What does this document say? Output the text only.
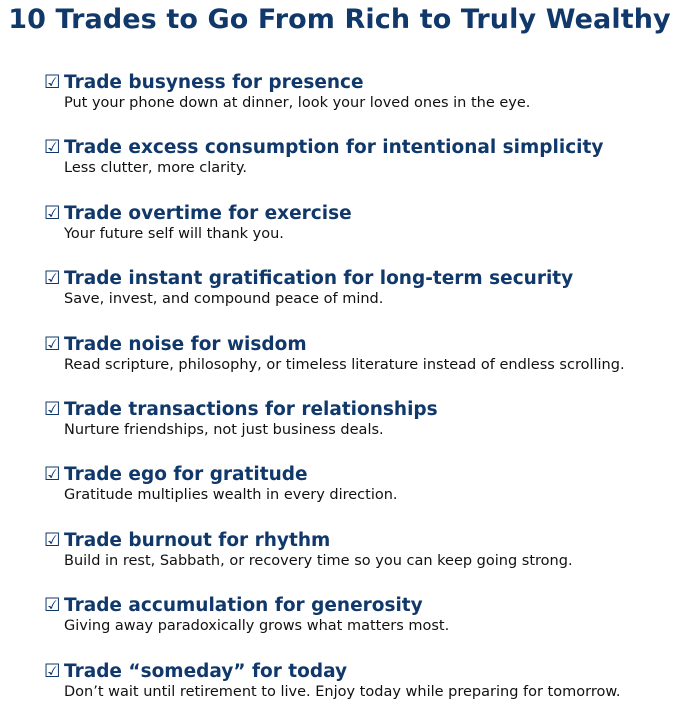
10 Trades to Go From Rich to Truly Wealthy
☑ Trade busyness for presence
Put your phone down at dinner, look your loved ones in the eye.
☑ Trade excess consumption for intentional simplicity
Less clutter, more clarity.
☑ Trade overtime for exercise
Your future self will thank you.
☑ Trade instant gratification for long-term security
Save, invest, and compound peace of mind.
☑ Trade noise for wisdom
Read scripture, philosophy, or timeless literature instead of endless scrolling.
☑ Trade transactions for relationships
Nurture friendships, not just business deals.
☑ Trade ego for gratitude
Gratitude multiplies wealth in every direction.
☑ Trade burnout for rhythm
Build in rest, Sabbath, or recovery time so you can keep going strong.
☑ Trade accumulation for generosity
Giving away paradoxically grows what matters most.
☑ Trade “someday” for today
Don’t wait until retirement to live. Enjoy today while preparing for tomorrow.
